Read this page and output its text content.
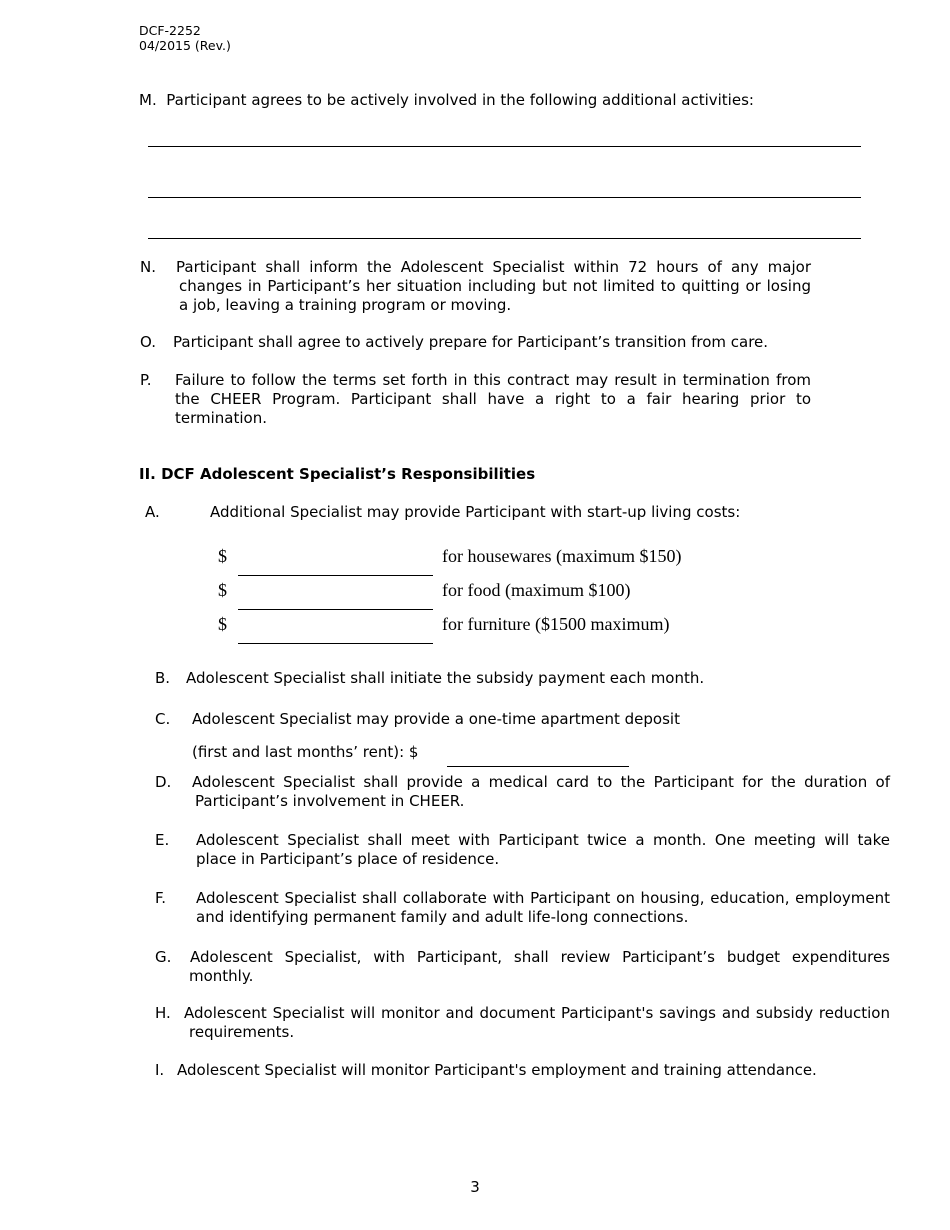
DCF-2252
04/2015 (Rev.)
M. Participant agrees to be actively involved in the following additional activities:
N. Participant shall inform the Adolescent Specialist within 72 hours of any major changes in Participant’s her situation including but not limited to quitting or losing a job, leaving a training program or moving.
O. Participant shall agree to actively prepare for Participant’s transition from care.
P. Failure to follow the terms set forth in this contract may result in termination from the CHEER Program. Participant shall have a right to a fair hearing prior to termination.
II. DCF Adolescent Specialist’s Responsibilities
A.	Additional Specialist may provide Participant with start-up living costs:
$	for housewares (maximum $150)
$	for food (maximum $100)
$	for furniture ($1500 maximum)
B. Adolescent Specialist shall initiate the subsidy payment each month.
C. Adolescent Specialist may provide a one-time apartment deposit
(first and last months’ rent): $
D. Adolescent Specialist shall provide a medical card to the Participant for the duration of Participant’s involvement in CHEER.
E. Adolescent Specialist shall meet with Participant twice a month. One meeting will take place in Participant’s place of residence.
F. Adolescent Specialist shall collaborate with Participant on housing, education, employment and identifying permanent family and adult life-long connections.
G. Adolescent Specialist, with Participant, shall review Participant’s budget expenditures monthly.
H. Adolescent Specialist will monitor and document Participant's savings and subsidy reduction requirements.
I. Adolescent Specialist will monitor Participant's employment and training attendance.
3
